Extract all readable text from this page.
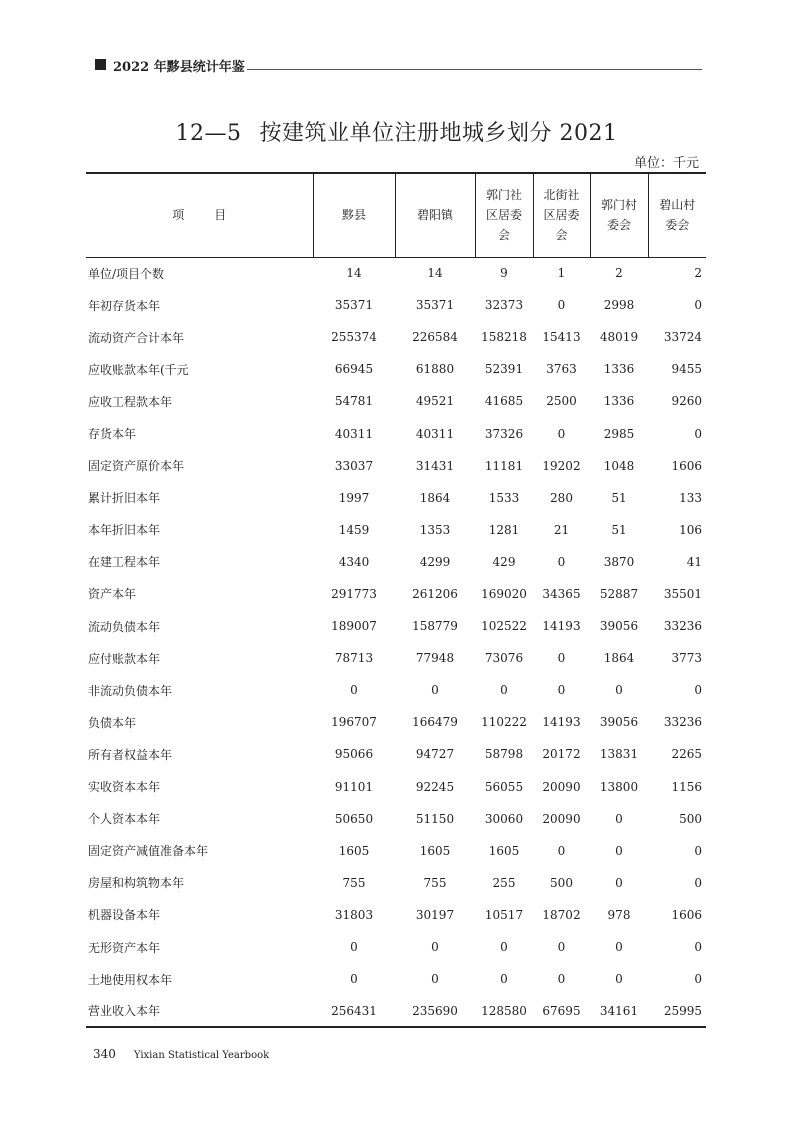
2022 年黟县统计年鉴
12—5 按建筑业单位注册地城乡划分 2021
单位：千元
项 目	黟县	碧阳镇	郭门社区居委会	北街社区居委会	郭门村委会	碧山村委会

单位/项目个数	14	14	9	1	2	2
年初存货本年	35371	35371	32373	0	2998	0
流动资产合计本年	255374	226584	158218	15413	48019	33724
应收账款本年(千元	66945	61880	52391	3763	1336	9455
应收工程款本年	54781	49521	41685	2500	1336	9260
存货本年	40311	40311	37326	0	2985	0
固定资产原价本年	33037	31431	11181	19202	1048	1606
累计折旧本年	1997	1864	1533	280	51	133
本年折旧本年	1459	1353	1281	21	51	106
在建工程本年	4340	4299	429	0	3870	41
资产本年	291773	261206	169020	34365	52887	35501
流动负债本年	189007	158779	102522	14193	39056	33236
应付账款本年	78713	77948	73076	0	1864	3773
非流动负债本年	0	0	0	0	0	0
负债本年	196707	166479	110222	14193	39056	33236
所有者权益本年	95066	94727	58798	20172	13831	2265
实收资本本年	91101	92245	56055	20090	13800	1156
个人资本本年	50650	51150	30060	20090	0	500
固定资产减值准备本年	1605	1605	1605	0	0	0
房屋和构筑物本年	755	755	255	500	0	0
机器设备本年	31803	30197	10517	18702	978	1606
无形资产本年	0	0	0	0	0	0
土地使用权本年	0	0	0	0	0	0
营业收入本年	256431	235690	128580	67695	34161	25995
340 Yixian Statistical Yearbook
